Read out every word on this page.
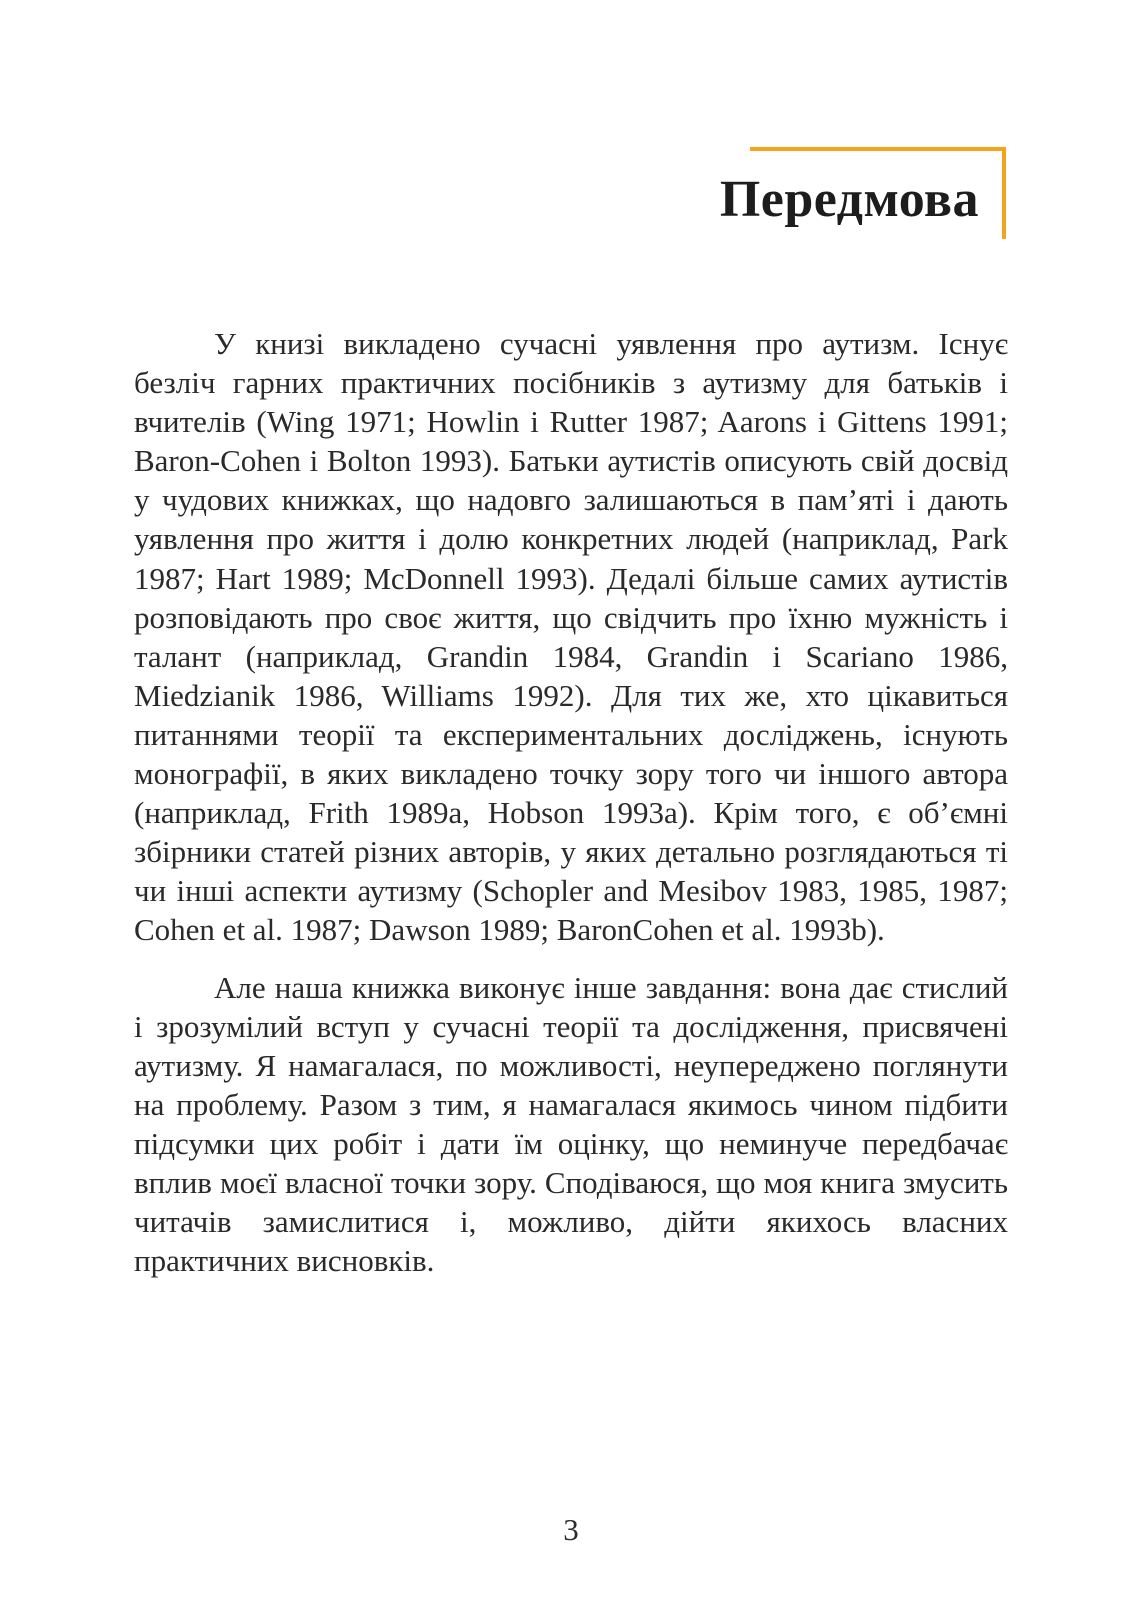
Передмова

У книзі викладено сучасні уявлення про аутизм. Існує безліч гарних практичних посібників з аутизму для батьків і вчителів (Wing 1971; Howlin і Rutter 1987; Aarons і Gittens 1991; Baron-Cohen і Bolton 1993). Батьки аутистів описують свій досвід у чудових книжках, що надовго залишаються в пам’яті і дають уявлення про життя і долю конкретних людей (наприклад, Park 1987; Hart 1989; McDonnell 1993). Дедалі більше самих аутистів розповідають про своє життя, що свідчить про їхню мужність і талант (наприклад, Grandin 1984, Grandin і Scariano 1986, Miedzianik 1986, Williams 1992). Для тих же, хто цікавиться питаннями теорії та експериментальних досліджень, існують монографії, в яких викладено точку зору того чи іншого автора (наприклад, Frith 1989a, Hobson 1993a). Крім того, є об’ємні збірники статей різних авторів, у яких детально розглядаються ті чи інші аспекти аутизму (Schopler and Mesibov 1983, 1985, 1987; Cohen et al. 1987; Dawson 1989; BaronCohen et al. 1993b).

Але наша книжка виконує інше завдання: вона дає стислий і зрозумілий вступ у сучасні теорії та дослідження, присвячені аутизму. Я намагалася, по можливості, неупереджено поглянути на проблему. Разом з тим, я намагалася якимось чином підбити підсумки цих робіт і дати їм оцінку, що неминуче передбачає вплив моєї власної точки зору. Сподіваюся, що моя книга змусить читачів замислитися і, можливо, дійти якихось власних практичних висновків.

3
